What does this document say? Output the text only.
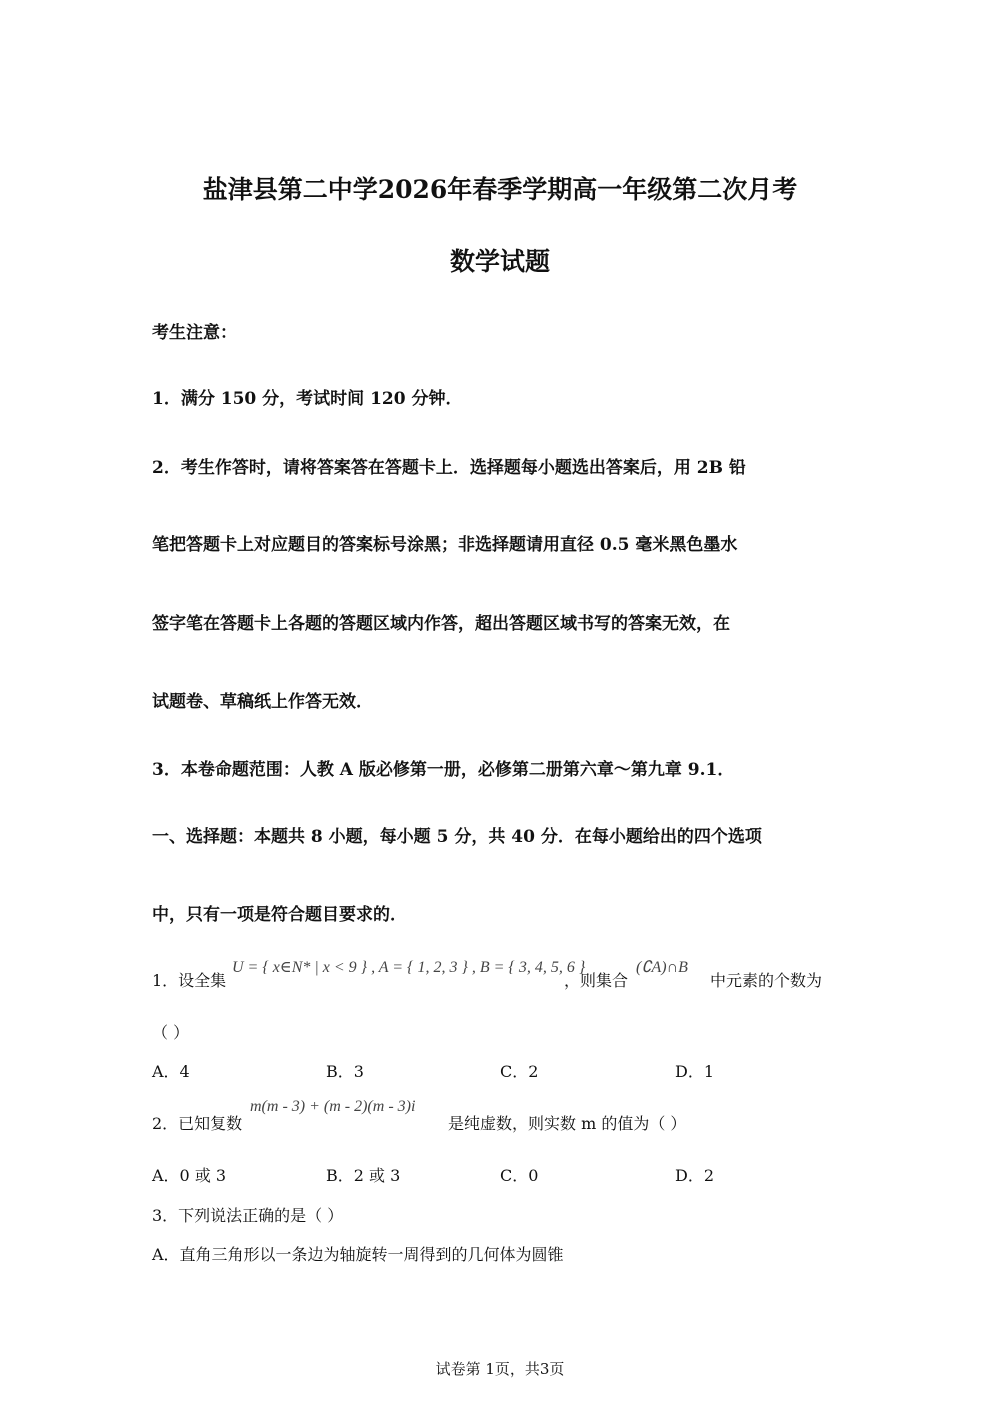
盐津县第二中学2026年春季学期高一年级第二次月考
数学试题
考生注意：
1．满分 150 分，考试时间 120 分钟．
2．考生作答时，请将答案答在答题卡上．选择题每小题选出答案后，用 2B 铅
笔把答题卡上对应题目的答案标号涂黑；非选择题请用直径 0.5 毫米黑色墨水
签字笔在答题卡上各题的答题区域内作答，超出答题区域书写的答案无效，在
试题卷、草稿纸上作答无效．
3．本卷命题范围：人教 A 版必修第一册，必修第二册第六章～第九章 9.1．
一、选择题：本题共 8 小题，每小题 5 分，共 40 分．在每小题给出的四个选项
中，只有一项是符合题目要求的．
1．设全集
U = { x∈N* | x < 9 } , A = { 1, 2, 3 } , B = { 3, 4, 5, 6 }
，则集合
(∁A)∩B
中元素的个数为
（ ）
A．4	B．3	C．2	D．1
2．已知复数
m(m - 3) + (m - 2)(m - 3)i
是纯虚数，则实数 m 的值为（ ）
A．0 或 3	B．2 或 3	C．0	D．2
3．下列说法正确的是（ ）
A．直角三角形以一条边为轴旋转一周得到的几何体为圆锥
试卷第 1页，共3页
